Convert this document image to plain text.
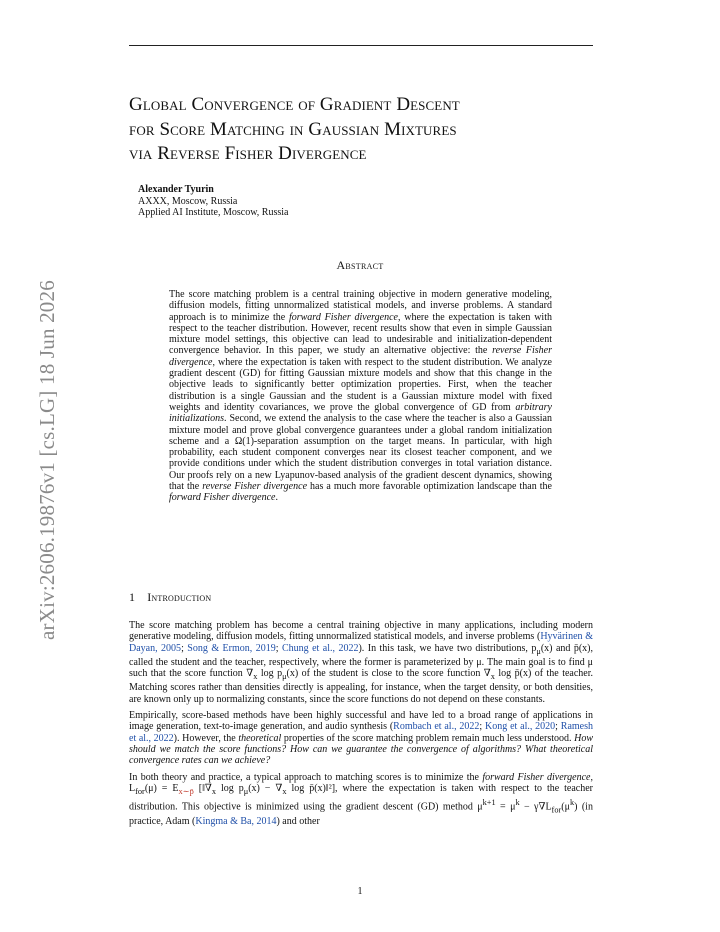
arXiv:2606.19876v1 [cs.LG] 18 Jun 2026
Global Convergence of Gradient Descent
for Score Matching in Gaussian Mixtures
via Reverse Fisher Divergence
Alexander Tyurin
AXXX, Moscow, Russia
Applied AI Institute, Moscow, Russia
Abstract
The score matching problem is a central training objective in modern generative modeling, diffusion models, fitting unnormalized statistical models, and inverse problems. A standard approach is to minimize the forward Fisher divergence, where the expectation is taken with respect to the teacher distribution. However, recent results show that even in simple Gaussian mixture model settings, this objective can lead to undesirable and initialization-dependent convergence behavior. In this paper, we study an alternative objective: the reverse Fisher divergence, where the expectation is taken with respect to the student distribution. We analyze gradient descent (GD) for fitting Gaussian mixture models and show that this change in the objective leads to significantly better optimization properties. First, when the teacher distribution is a single Gaussian and the student is a Gaussian mixture model with fixed weights and identity covariances, we prove the global convergence of GD from arbitrary initializations. Second, we extend the analysis to the case where the teacher is also a Gaussian mixture model and prove global convergence guarantees under a global random initialization scheme and a Ω(1)-separation assumption on the target means. In particular, with high probability, each student component converges near its closest teacher component, and we provide conditions under which the student distribution converges in total variation distance. Our proofs rely on a new Lyapunov-based analysis of the gradient descent dynamics, showing that the reverse Fisher divergence has a much more favorable optimization landscape than the forward Fisher divergence.
1 Introduction

The score matching problem has become a central training objective in many applications, including modern generative modeling, diffusion models, fitting unnormalized statistical models, and inverse problems (Hyvärinen & Dayan, 2005; Song & Ermon, 2019; Chung et al., 2022). In this task, we have two distributions, $p_\mu(x)$ and p̄(x), called the student and the teacher, respectively, where the former is parameterized by μ. The main goal is to find μ such that the score function $\nabla_x$ $\log p_\mu(x)$ of the student is close to the score function $\nabla_x$ log p̄(x) of the teacher. Matching scores rather than densities directly is appealing, for instance, when the target density, or both densities, are known only up to normalizing constants, since the score functions do not depend on these constants.

Empirically, score-based methods have been highly successful and have led to a broad range of applications in image generation, text-to-image generation, and audio synthesis (Rombach et al., 2022; Kong et al., 2020; Ramesh et al., 2022). However, the theoretical properties of the score matching problem remain much less understood. How should we match the score functions? How can we guarantee the convergence of algorithms? What theoretical convergence rates can we achieve?

In both theory and practice, a typical approach to matching scores is to minimize the forward Fisher divergence, $L_{for}(\mu) = E_{x\sim p̄}$ [$‖\nabla_x$ $\log p_\mu(x) - \nabla_x$ log p̄(x)‖²], where the expectation is taken with respect to the teacher distribution. This objective is minimized using the gradient descent (GD) method $\mu^{k+1} = \mu^k - \gamma\nabla L_{for}(\mu^k)$ (in practice, Adam (Kingma & Ba, 2014) and other

1
